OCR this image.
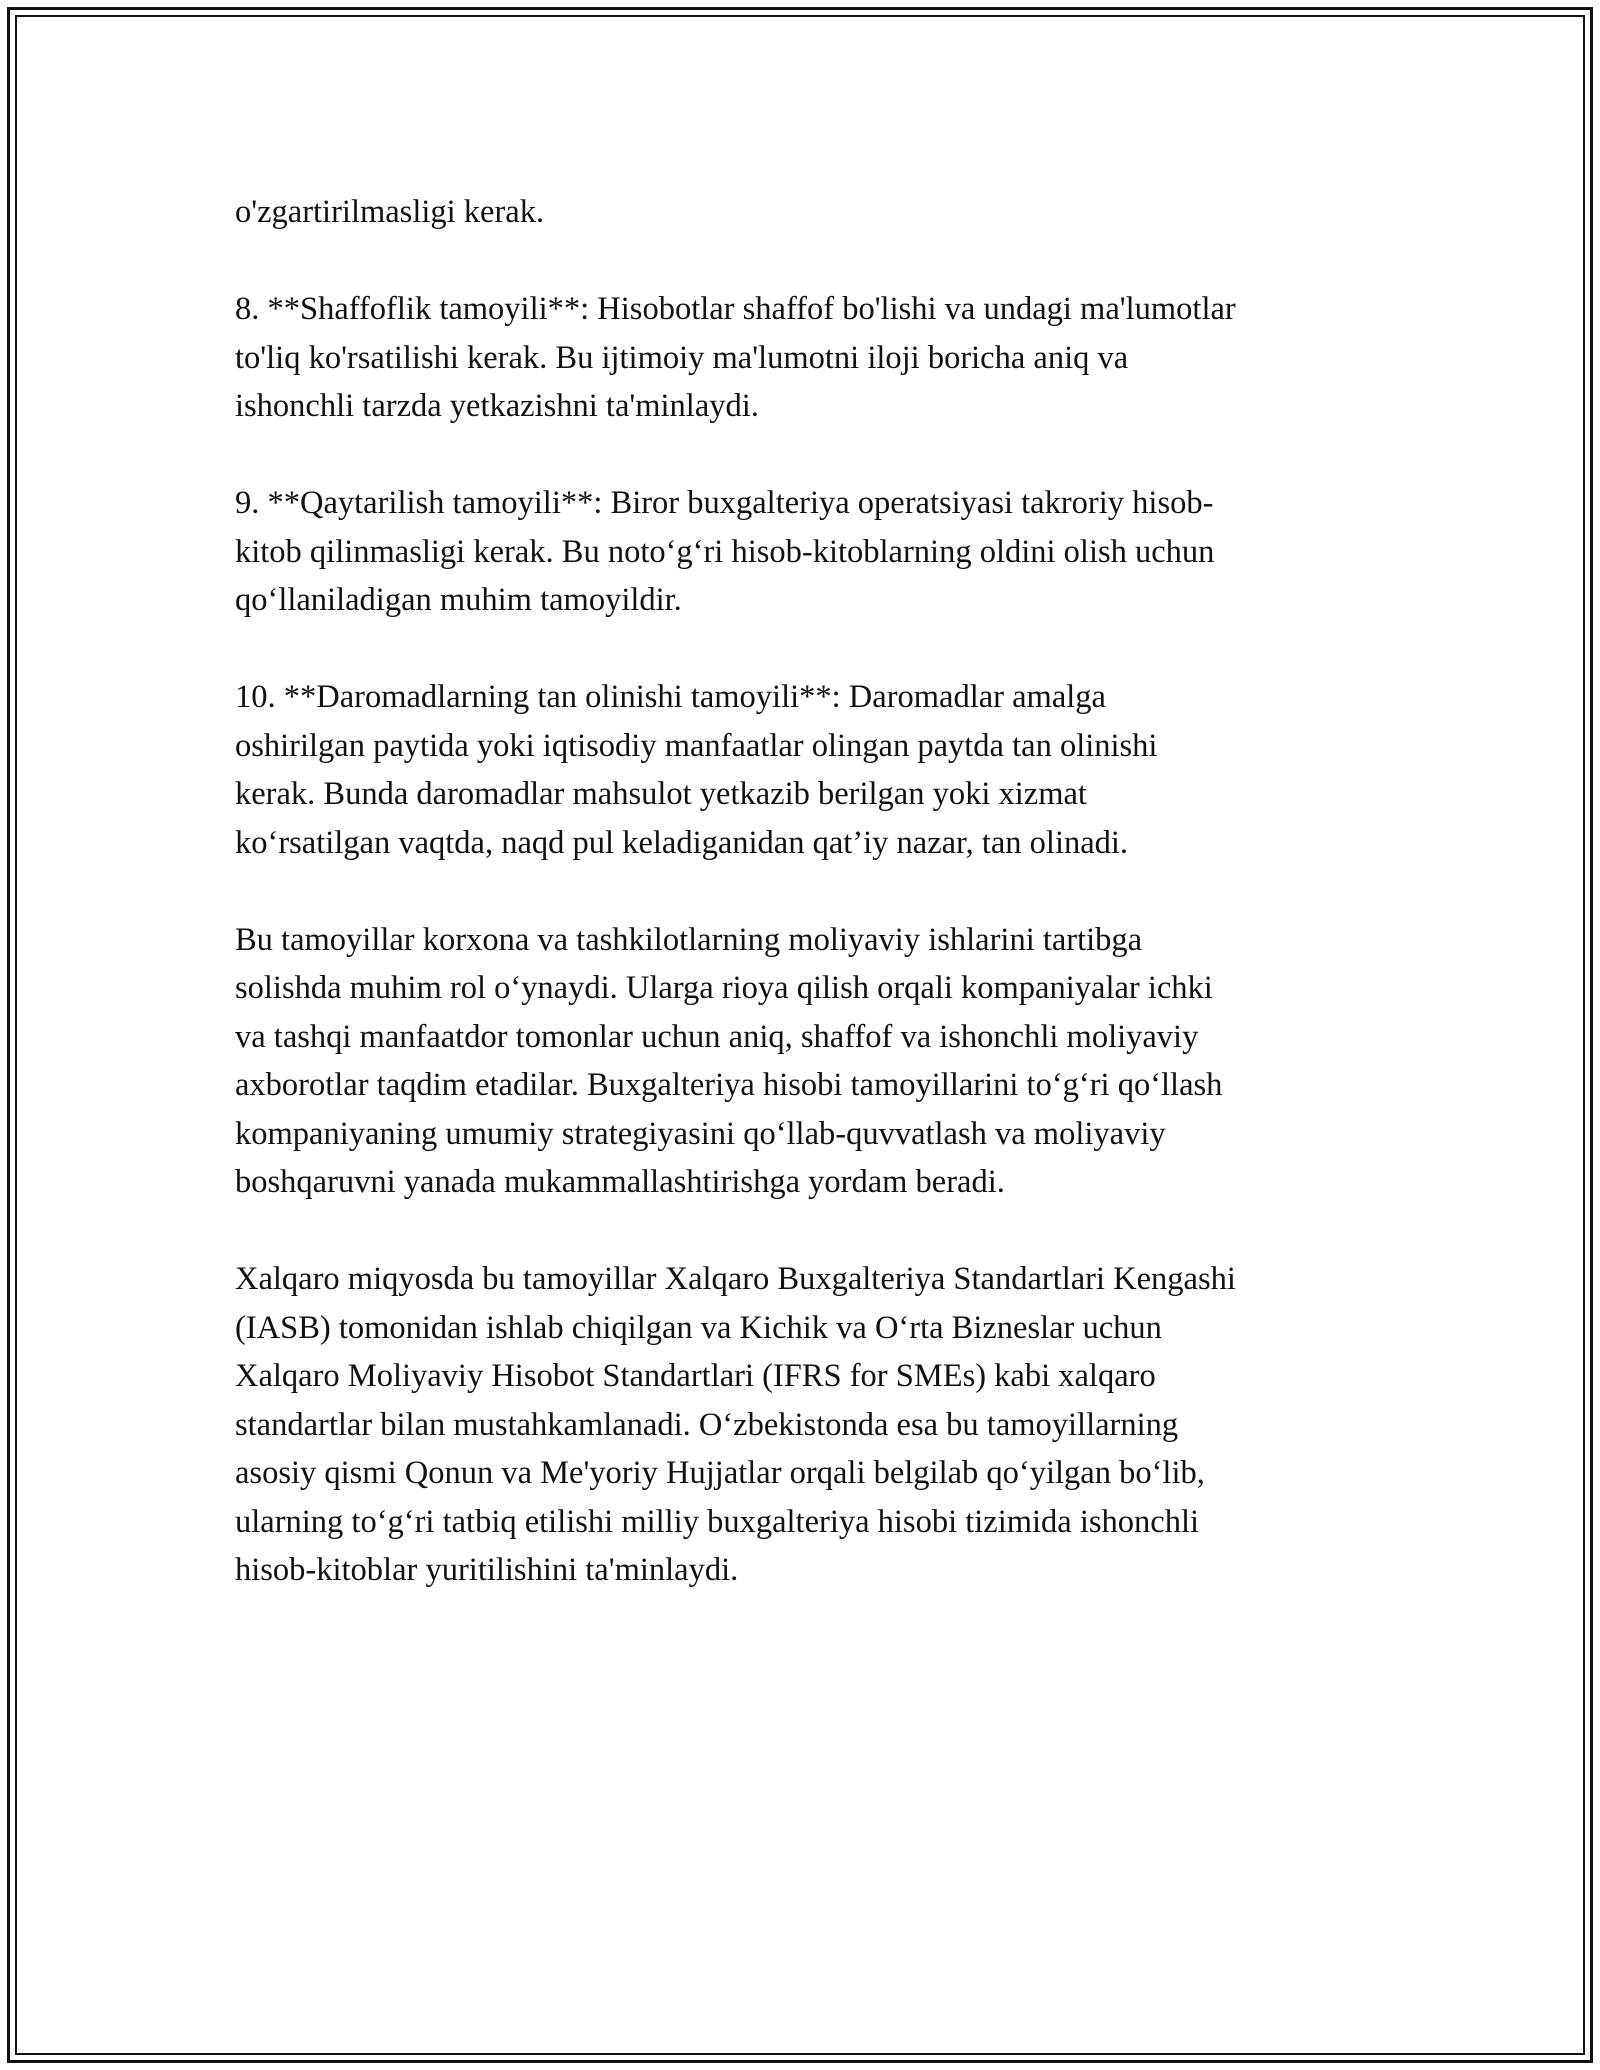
o'zgartirilmasligi kerak.

8. **Shaffoflik tamoyili**: Hisobotlar shaffof bo'lishi va undagi ma'lumotlar
to'liq ko'rsatilishi kerak. Bu ijtimoiy ma'lumotni iloji boricha aniq va
ishonchli tarzda yetkazishni ta'minlaydi.

9. **Qaytarilish tamoyili**: Biror buxgalteriya operatsiyasi takroriy hisob-
kitob qilinmasligi kerak. Bu noto‘g‘ri hisob-kitoblarning oldini olish uchun
qo‘llaniladigan muhim tamoyildir.

10. **Daromadlarning tan olinishi tamoyili**: Daromadlar amalga
oshirilgan paytida yoki iqtisodiy manfaatlar olingan paytda tan olinishi
kerak. Bunda daromadlar mahsulot yetkazib berilgan yoki xizmat
ko‘rsatilgan vaqtda, naqd pul keladiganidan qat’iy nazar, tan olinadi.

Bu tamoyillar korxona va tashkilotlarning moliyaviy ishlarini tartibga
solishda muhim rol o‘ynaydi. Ularga rioya qilish orqali kompaniyalar ichki
va tashqi manfaatdor tomonlar uchun aniq, shaffof va ishonchli moliyaviy
axborotlar taqdim etadilar. Buxgalteriya hisobi tamoyillarini to‘g‘ri qo‘llash
kompaniyaning umumiy strategiyasini qo‘llab-quvvatlash va moliyaviy
boshqaruvni yanada mukammallashtirishga yordam beradi.

Xalqaro miqyosda bu tamoyillar Xalqaro Buxgalteriya Standartlari Kengashi
(IASB) tomonidan ishlab chiqilgan va Kichik va O‘rta Bizneslar uchun
Xalqaro Moliyaviy Hisobot Standartlari (IFRS for SMEs) kabi xalqaro
standartlar bilan mustahkamlanadi. O‘zbekistonda esa bu tamoyillarning
asosiy qismi Qonun va Me'yoriy Hujjatlar orqali belgilab qo‘yilgan bo‘lib,
ularning to‘g‘ri tatbiq etilishi milliy buxgalteriya hisobi tizimida ishonchli
hisob-kitoblar yuritilishini ta'minlaydi.
